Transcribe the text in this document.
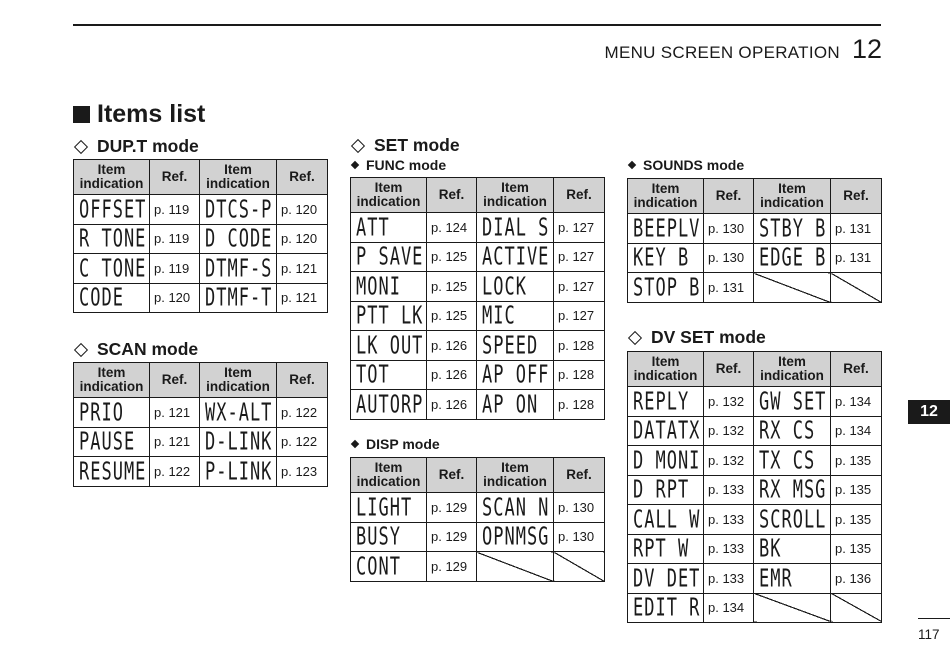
MENU SCREEN OPERATION 12
Items list
DUP.T mode
Item indication	Ref.	Item indication	Ref.
OFFSET	p. 119	DTCS-P	p. 120
R TONE	p. 119	D CODE	p. 120
C TONE	p. 119	DTMF-S	p. 121
CODE	p. 120	DTMF-T	p. 121
SCAN mode
Item indication	Ref.	Item indication	Ref.
PRIO	p. 121	WX-ALT	p. 122
PAUSE	p. 121	D-LINK	p. 122
RESUME	p. 122	P-LINK	p. 123
SET mode
FUNC mode
Item indication	Ref.	Item indication	Ref.
ATT	p. 124	DIAL S	p. 127
P SAVE	p. 125	ACTIVE	p. 127
MONI	p. 125	LOCK	p. 127
PTT LK	p. 125	MIC	p. 127
LK OUT	p. 126	SPEED	p. 128
TOT	p. 126	AP OFF	p. 128
AUTORP	p. 126	AP ON	p. 128
DISP mode
Item indication	Ref.	Item indication	Ref.
LIGHT	p. 129	SCAN N	p. 130
BUSY	p. 129	OPNMSG	p. 130
CONT	p. 129		
SOUNDS mode
Item indication	Ref.	Item indication	Ref.
BEEPLV	p. 130	STBY B	p. 131
KEY B	p. 130	EDGE B	p. 131
STOP B	p. 131		
DV SET mode
Item indication	Ref.	Item indication	Ref.
REPLY	p. 132	GW SET	p. 134
DATATX	p. 132	RX CS	p. 134
D MONI	p. 132	TX CS	p. 135
D RPT	p. 133	RX MSG	p. 135
CALL W	p. 133	SCROLL	p. 135
RPT W	p. 133	BK	p. 135
DV DET	p. 133	EMR	p. 136
EDIT R	p. 134		
12
117
